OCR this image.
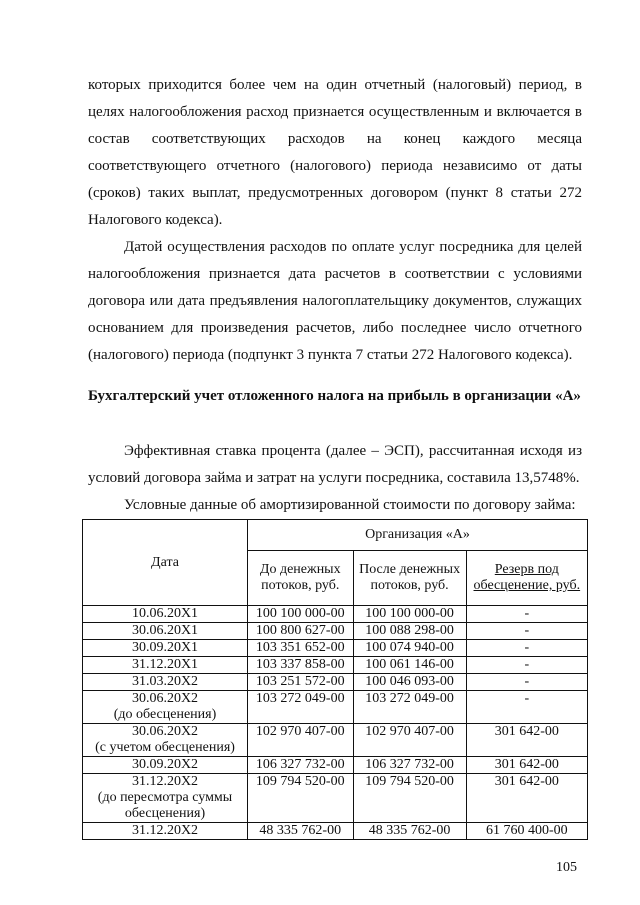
которых приходится более чем на один отчетный (налоговый) период, в целях налогообложения расход признается осуществленным и включается в состав соответствующих расходов на конец каждого месяца соответствующего отчетного (налогового) периода независимо от даты (сроков) таких выплат, предусмотренных договором (пункт 8 статьи 272 Налогового кодекса).
Датой осуществления расходов по оплате услуг посредника для целей налогообложения признается дата расчетов в соответствии с условиями договора или дата предъявления налогоплательщику документов, служащих основанием для произведения расчетов, либо последнее число отчетного (налогового) периода (подпункт 3 пункта 7 статьи 272 Налогового кодекса).
Бухгалтерский учет отложенного налога на прибыль в организации «А»
Эффективная ставка процента (далее – ЭСП), рассчитанная исходя из условий договора займа и затрат на услуги посредника, составила 13,5748%.
Условные данные об амортизированной стоимости по договору займа:
Дата	Организация «А»		
	До денежных потоков, руб.	После денежных потоков, руб.	Резерв под обесценение, руб.

10.06.20Х1	100 100 000-00	100 100 000-00	-

30.06.20Х1	100 800 627-00	100 088 298-00	-

30.09.20Х1	103 351 652-00	100 074 940-00	-

31.12.20Х1	103 337 858-00	100 061 146-00	-

31.03.20Х2	103 251 572-00	100 046 093-00	-

30.06.20Х2
(до обесценения)	103 272 049-00	103 272 049-00	-

30.06.20Х2
(с учетом обесценения)	102 970 407-00	102 970 407-00	301 642-00

30.09.20Х2	106 327 732-00	106 327 732-00	301 642-00

31.12.20Х2
(до пересмотра суммы обесценения)	109 794 520-00	109 794 520-00	301 642-00

31.12.20Х2	48 335 762-00	48 335 762-00	61 760 400-00
105
